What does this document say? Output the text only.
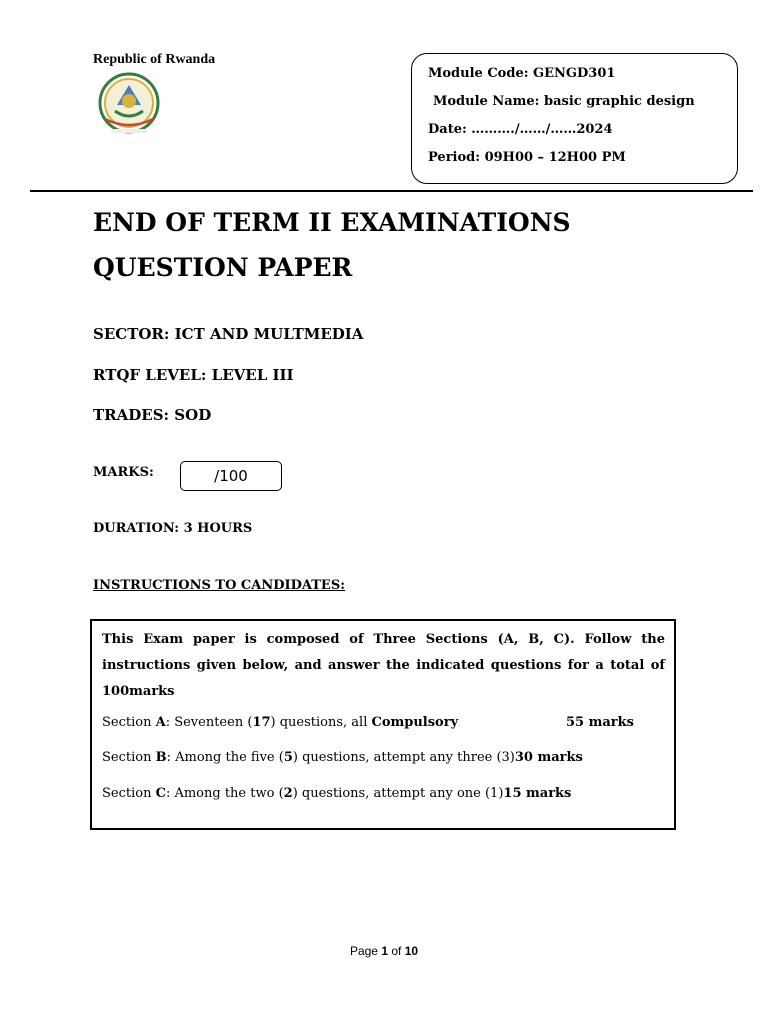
Republic of Rwanda
Module Code: GENGD301
Module Name: basic graphic design
Date: ………./……/……2024
Period: 09H00 – 12H00 PM
END OF TERM II EXAMINATIONS
QUESTION PAPER
SECTOR: ICT AND MULTMEDIA
RTQF LEVEL: LEVEL III
TRADES: SOD
MARKS:	/100
DURATION: 3 HOURS
INSTRUCTIONS TO CANDIDATES:
This Exam paper is composed of Three Sections (A, B, C). Follow the instructions given below, and answer the indicated questions for a total of 100marks
Section A: Seventeen (17) questions, all Compulsory	55 marks
Section B: Among the five (5) questions, attempt any three (3)30 marks
Section C: Among the two (2) questions, attempt any one (1)15 marks
Page 1 of 10
